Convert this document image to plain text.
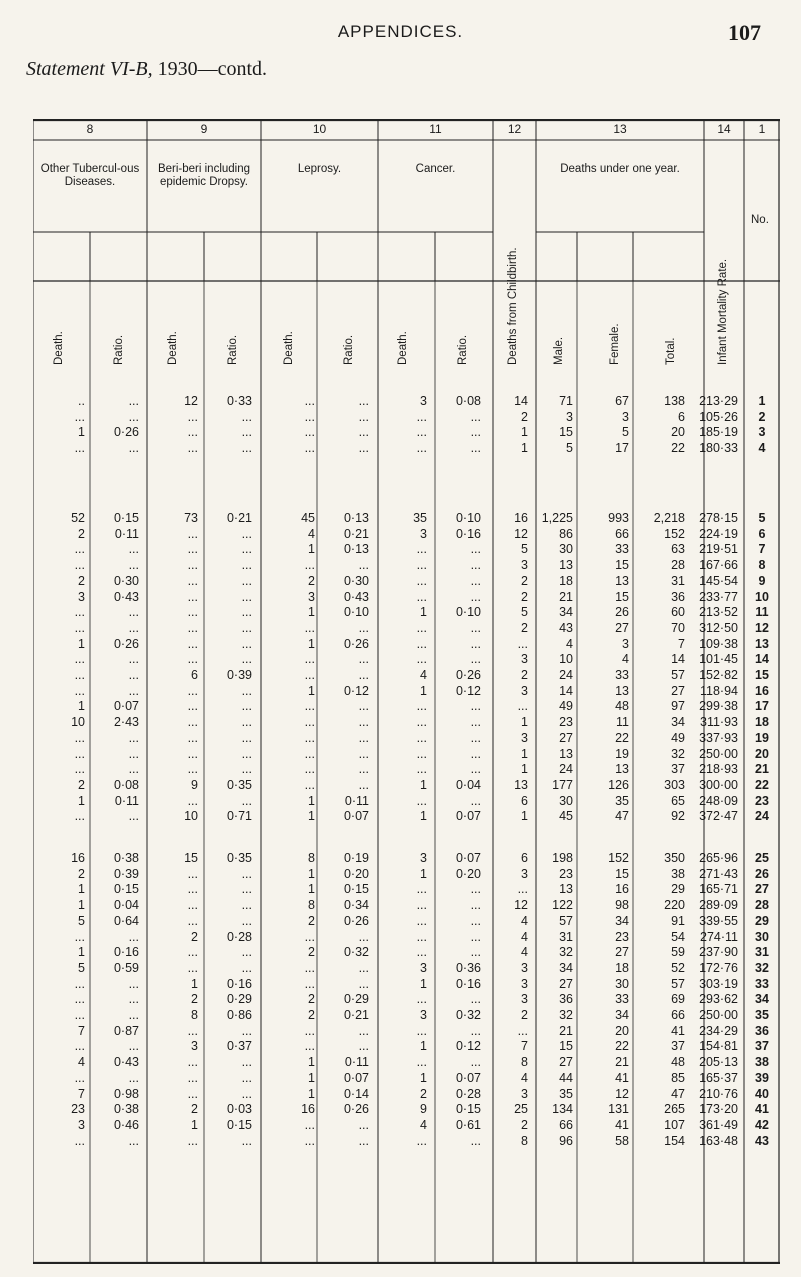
APPENDICES.	107
Statement VI-B, 1930—contd.
8	9	10	11	12	13	14	1
Other Tubercul-ous Diseases.
Beri-beri including epidemic Dropsy.
Leprosy.	Cancer.	Deaths under one year.
Death.	Ratio.	Death.	Ratio.	Death.	Ratio.	Death.	Ratio.	Deaths from Childbirth.	Male.	Female.	Total.	Infant Mortality Rate.
No.
..	...	12	0·33	...	...	3	0·08	14	71	67	138	213·29	1
...	...	...	...	...	...	...	...	2	3	3	6	105·26	2
1	0·26	...	...	...	...	...	...	1	15	5	20	185·19	3
...	...	...	...	...	...	...	...	1	5	17	22	180·33	4
52	0·15	73	0·21	45	0·13	35	0·10	16	1,225	993	2,218	278·15	5
2	0·11	...	...	4	0·21	3	0·16	12	86	66	152	224·19	6
...	...	...	...	1	0·13	...	...	5	30	33	63	219·51	7
...	...	...	...	...	...	...	...	3	13	15	28	167·66	8
2	0·30	...	...	2	0·30	...	...	2	18	13	31	145·54	9
3	0·43	...	...	3	0·43	...	...	2	21	15	36	233·77	10
...	...	...	...	1	0·10	1	0·10	5	34	26	60	213·52	11
...	...	...	...	...	...	...	...	2	43	27	70	312·50	12
1	0·26	...	...	1	0·26	...	...	...	4	3	7	109·38	13
...	...	...	...	...	...	...	...	3	10	4	14	101·45	14
...	...	6	0·39	...	...	4	0·26	2	24	33	57	152·82	15
...	...	...	...	1	0·12	1	0·12	3	14	13	27	118·94	16
1	0·07	...	...	...	...	...	...	...	49	48	97	299·38	17
10	2·43	...	...	...	...	...	...	1	23	11	34	311·93	18
...	...	...	...	...	...	...	...	3	27	22	49	337·93	19
...	...	...	...	...	...	...	...	1	13	19	32	250·00	20
...	...	...	...	...	...	...	...	1	24	13	37	218·93	21
2	0·08	9	0·35	...	...	1	0·04	13	177	126	303	300·00	22
1	0·11	...	...	1	0·11	...	...	6	30	35	65	248·09	23
...	...	10	0·71	1	0·07	1	0·07	1	45	47	92	372·47	24
16	0·38	15	0·35	8	0·19	3	0·07	6	198	152	350	265·96	25
2	0·39	...	...	1	0·20	1	0·20	3	23	15	38	271·43	26
1	0·15	...	...	1	0·15	...	...	...	13	16	29	165·71	27
1	0·04	...	...	8	0·34	...	...	12	122	98	220	289·09	28
5	0·64	...	...	2	0·26	...	...	4	57	34	91	339·55	29
...	...	2	0·28	...	...	...	...	4	31	23	54	274·11	30
1	0·16	...	...	2	0·32	...	...	4	32	27	59	237·90	31
5	0·59	...	...	...	...	3	0·36	3	34	18	52	172·76	32
...	...	1	0·16	...	...	1	0·16	3	27	30	57	303·19	33
...	...	2	0·29	2	0·29	...	...	3	36	33	69	293·62	34
...	...	8	0·86	2	0·21	3	0·32	2	32	34	66	250·00	35
7	0·87	...	...	...	...	...	...	...	21	20	41	234·29	36
...	...	3	0·37	...	...	1	0·12	7	15	22	37	154·81	37
4	0·43	...	...	1	0·11	...	...	8	27	21	48	205·13	38
...	...	...	...	1	0·07	1	0·07	4	44	41	85	165·37	39
7	0·98	...	...	1	0·14	2	0·28	3	35	12	47	210·76	40
23	0·38	2	0·03	16	0·26	9	0·15	25	134	131	265	173·20	41
3	0·46	1	0·15	...	...	4	0·61	2	66	41	107	361·49	42
...	...	...	...	...	...	...	...	8	96	58	154	163·48	43
